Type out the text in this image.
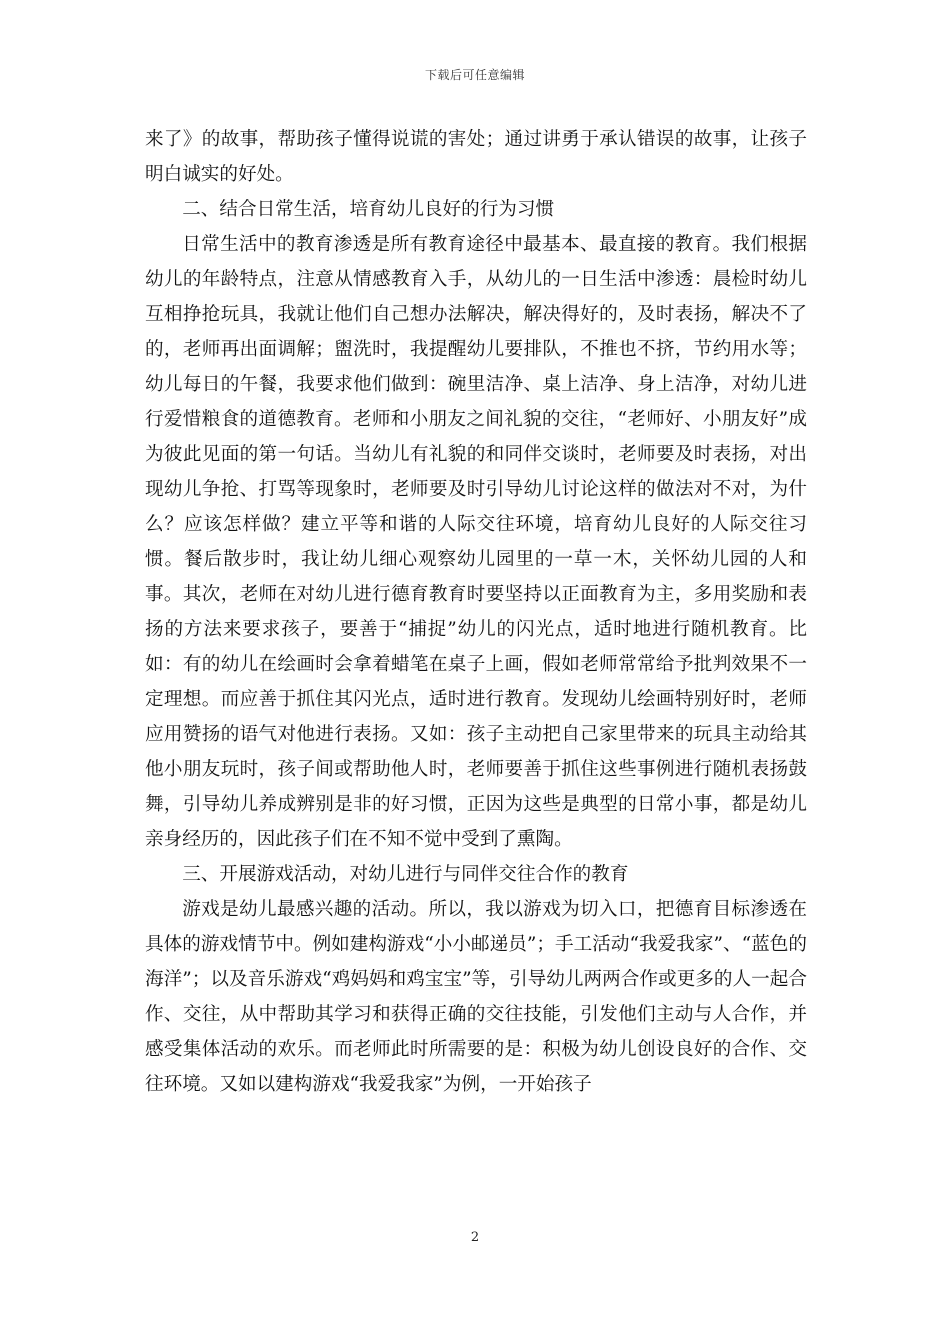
下载后可任意编辑

来了》的故事，帮助孩子懂得说谎的害处；通过讲勇于承认错误的故事，让孩子明白诚实的好处。

二、结合日常生活，培育幼儿良好的行为习惯

日常生活中的教育渗透是所有教育途径中最基本、最直接的教育。我们根据幼儿的年龄特点，注意从情感教育入手，从幼儿的一日生活中渗透：晨检时幼儿互相挣抢玩具，我就让他们自己想办法解决，解决得好的，及时表扬，解决不了的，老师再出面调解；盥洗时，我提醒幼儿要排队，不推也不挤，节约用水等；幼儿每日的午餐，我要求他们做到：碗里洁净、桌上洁净、身上洁净，对幼儿进行爱惜粮食的道德教育。老师和小朋友之间礼貌的交往，“老师好、小朋友好”成为彼此见面的第一句话。当幼儿有礼貌的和同伴交谈时，老师要及时表扬，对出现幼儿争抢、打骂等现象时，老师要及时引导幼儿讨论这样的做法对不对，为什么？应该怎样做？建立平等和谐的人际交往环境，培育幼儿良好的人际交往习惯。餐后散步时，我让幼儿细心观察幼儿园里的一草一木，关怀幼儿园的人和事。其次，老师在对幼儿进行德育教育时要坚持以正面教育为主，多用奖励和表扬的方法来要求孩子，要善于“捕捉”幼儿的闪光点，适时地进行随机教育。比如：有的幼儿在绘画时会拿着蜡笔在桌子上画，假如老师常常给予批判效果不一定理想。而应善于抓住其闪光点，适时进行教育。发现幼儿绘画特别好时，老师应用赞扬的语气对他进行表扬。又如：孩子主动把自己家里带来的玩具主动给其他小朋友玩时，孩子间或帮助他人时，老师要善于抓住这些事例进行随机表扬鼓舞，引导幼儿养成辨别是非的好习惯，正因为这些是典型的日常小事，都是幼儿亲身经历的，因此孩子们在不知不觉中受到了熏陶。

三、开展游戏活动，对幼儿进行与同伴交往合作的教育

游戏是幼儿最感兴趣的活动。所以，我以游戏为切入口，把德育目标渗透在具体的游戏情节中。例如建构游戏“小小邮递员”；手工活动“我爱我家”、“蓝色的海洋”；以及音乐游戏“鸡妈妈和鸡宝宝”等，引导幼儿两两合作或更多的人一起合作、交往，从中帮助其学习和获得正确的交往技能，引发他们主动与人合作，并感受集体活动的欢乐。而老师此时所需要的是：积极为幼儿创设良好的合作、交往环境。又如以建构游戏“我爱我家”为例，一开始孩子

2
